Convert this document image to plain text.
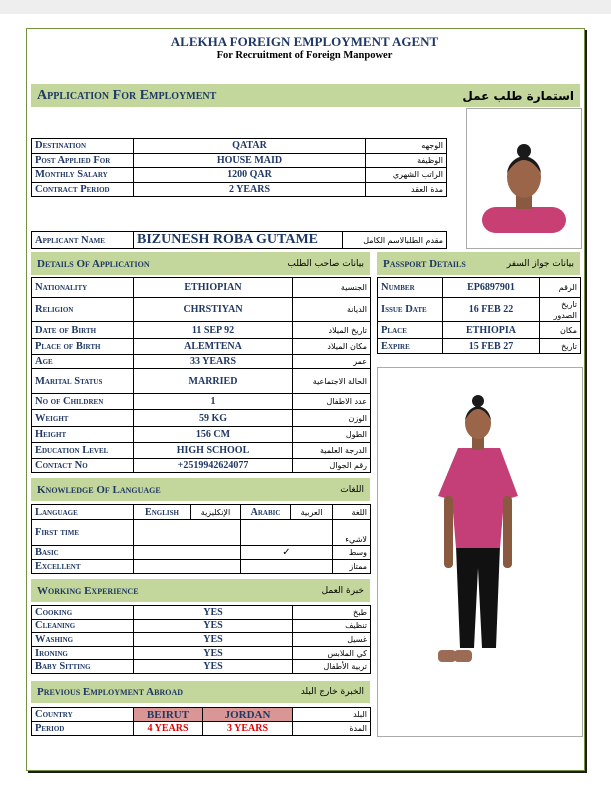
ALEKHA FOREIGN EMPLOYMENT AGENT
For Recruitment of Foreign Manpower
Application For Employment	استمارة طلب عمل
Destination	QATAR	الوجهه
Post Applied For	HOUSE MAID	الوظيفة
Monthly Salary	1200 QAR	الراتب الشهري
Contract Period	2 YEARS	مدة العقد
Applicant Name	BIZUNESH ROBA GUTAME	مقدم الطلبالاسم الكامل
Details Of Application	بيانات صاحب الطلب Passport Details	بيانات جواز السفر
Nationality	ETHIOPIAN	الجنسية
Religion	CHRSTIYAN	الديانة
Date of Birth	11 SEP 92	تاريخ الميلاد
Place of Birth	ALEMTENA	مكان الميلاد
Age	33 YEARS	عمر
Marital Status	MARRIED	الحالة الاجتماعية
No of Children	1	عدد الاطفال
Weight	59 KG	الوزن
Height	156 CM	الطول
Education Level	HIGH SCHOOL	الدرجة العلمية
Contact No	+2519942624077	رقم الجوال
Number	EP6897901	الرقم
Issue Date	16 FEB 22	تاريخ الصدور
Place	ETHIOPIA	مكان
Expire	15 FEB 27	تاريخ
Knowledge Of Language	اللغات
Language	English	الإنكليزية	Arabic	العربية	اللغة
First time					لاشيء
Basic			✓		وسط
Excellent					ممتاز
Working Experience	خبرة العمل
Cooking	YES	طبخ
Cleaning	YES	تنظيف
Washing	YES	غسيل
Ironing	YES	كي الملابس
Baby Sitting	YES	تربية الأطفال
Previous Employment Abroad	الخبرة خارج البلد
Country	BEIRUT	JORDAN	البلد
Period	4 YEARS	3 YEARS	المدة
